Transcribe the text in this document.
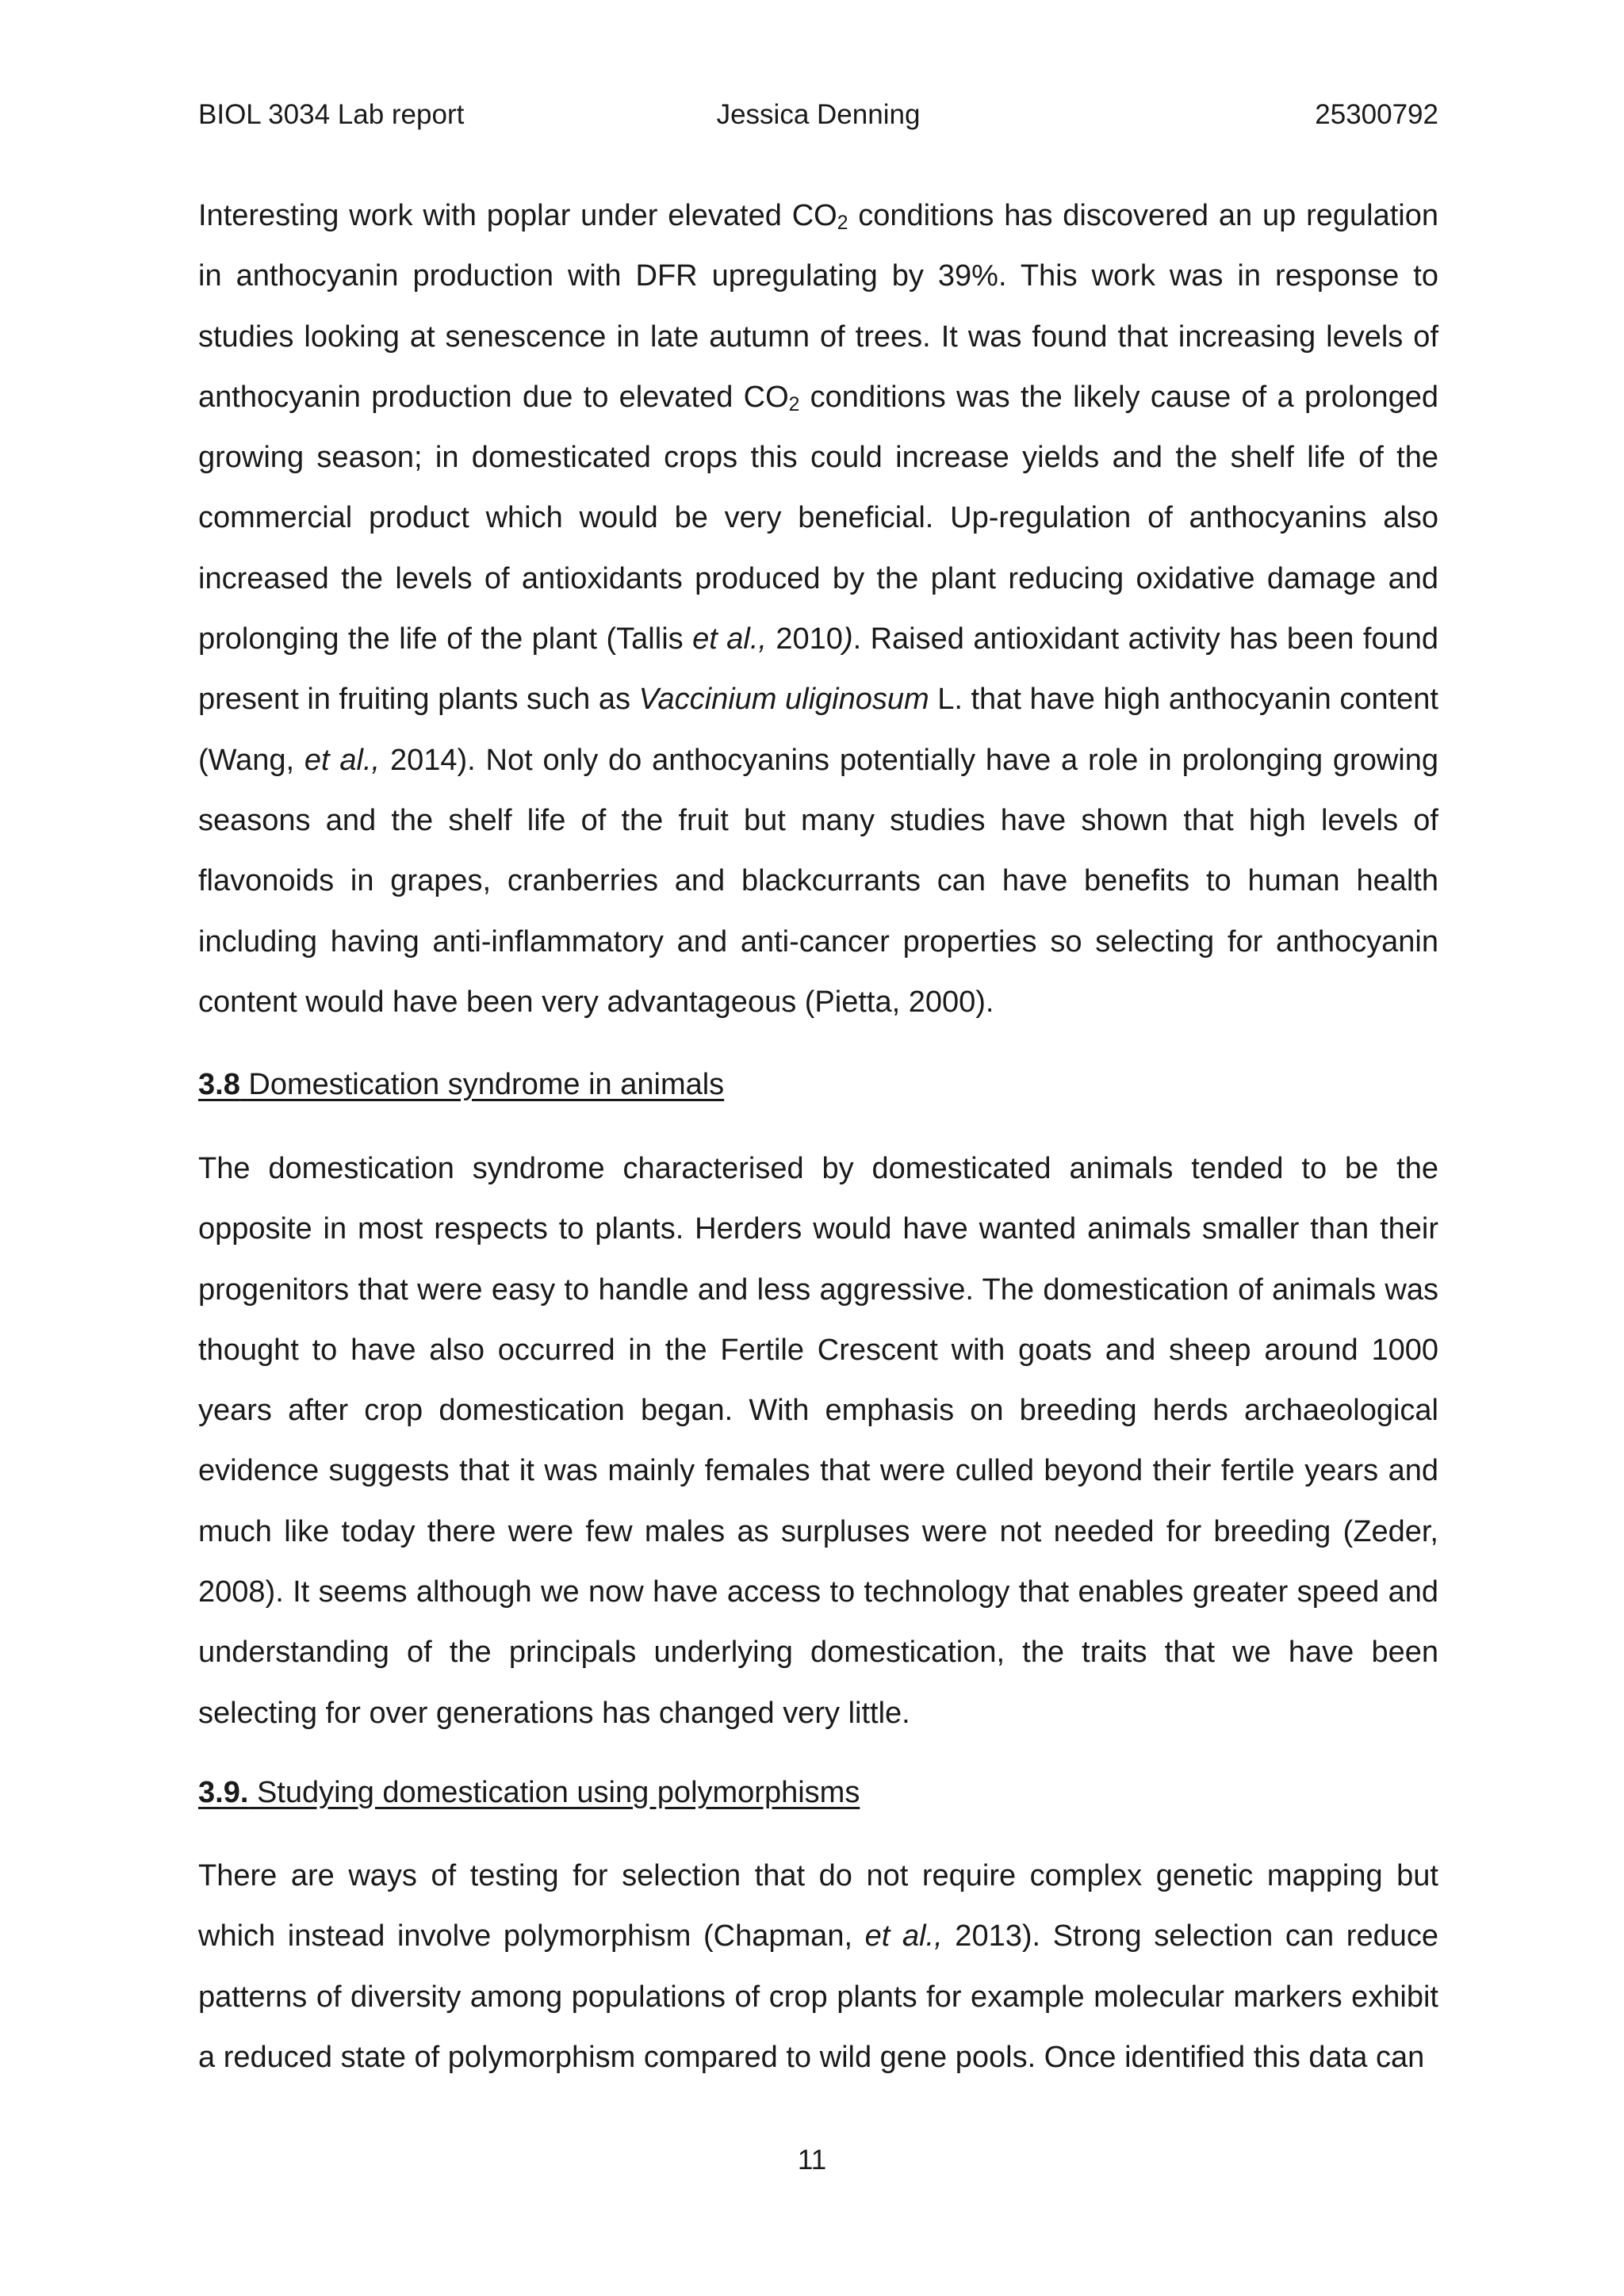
BIOL 3034 Lab report	Jessica Denning	25300792

Interesting work with poplar under elevated $CO_2$ conditions has discovered an up regulation in anthocyanin production with DFR upregulating by 39%. This work was in response to studies looking at senescence in late autumn of trees. It was found that increasing levels of anthocyanin production due to elevated $CO_2$ conditions was the likely cause of a prolonged growing season; in domesticated crops this could increase yields and the shelf life of the commercial product which would be very beneficial. Up-regulation of anthocyanins also increased the levels of antioxidants produced by the plant reducing oxidative damage and prolonging the life of the plant (Tallis et al., 2010). Raised antioxidant activity has been found present in fruiting plants such as Vaccinium uliginosum L. that have high anthocyanin content (Wang, et al., 2014). Not only do anthocyanins potentially have a role in prolonging growing seasons and the shelf life of the fruit but many studies have shown that high levels of flavonoids in grapes, cranberries and blackcurrants can have benefits to human health including having anti-inflammatory and anti-cancer properties so selecting for anthocyanin content would have been very advantageous (Pietta, 2000).

3.8 Domestication syndrome in animals

The domestication syndrome characterised by domesticated animals tended to be the opposite in most respects to plants. Herders would have wanted animals smaller than their progenitors that were easy to handle and less aggressive. The domestication of animals was thought to have also occurred in the Fertile Crescent with goats and sheep around 1000 years after crop domestication began. With emphasis on breeding herds archaeological evidence suggests that it was mainly females that were culled beyond their fertile years and much like today there were few males as surpluses were not needed for breeding (Zeder, 2008). It seems although we now have access to technology that enables greater speed and understanding of the principals underlying domestication, the traits that we have been selecting for over generations has changed very little.

3.9. Studying domestication using polymorphisms

There are ways of testing for selection that do not require complex genetic mapping but which instead involve polymorphism (Chapman, et al., 2013). Strong selection can reduce patterns of diversity among populations of crop plants for example molecular markers exhibit a reduced state of polymorphism compared to wild gene pools. Once identified this data can

11
